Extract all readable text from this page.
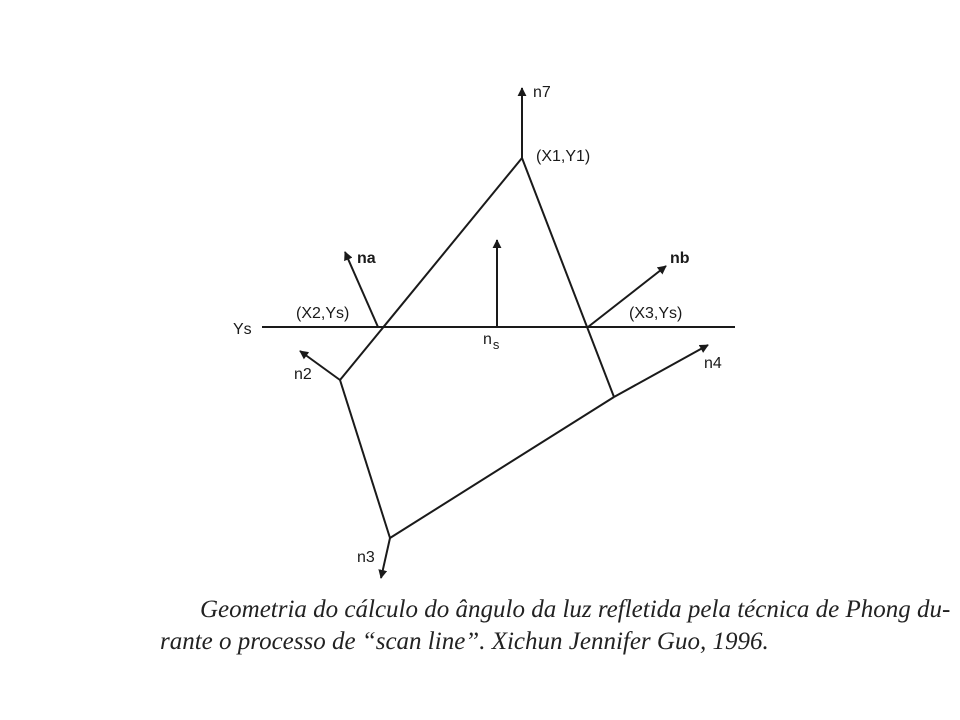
n7
(X1,Y1)
na	nb
Ys
(X2,Ys)	(X3,Ys)
$n_s$
n2
n4
n3
Geometria do cálculo do ângulo da luz refletida pela técnica de Phong du-
rante o processo de “scan line”. Xichun Jennifer Guo, 1996.
